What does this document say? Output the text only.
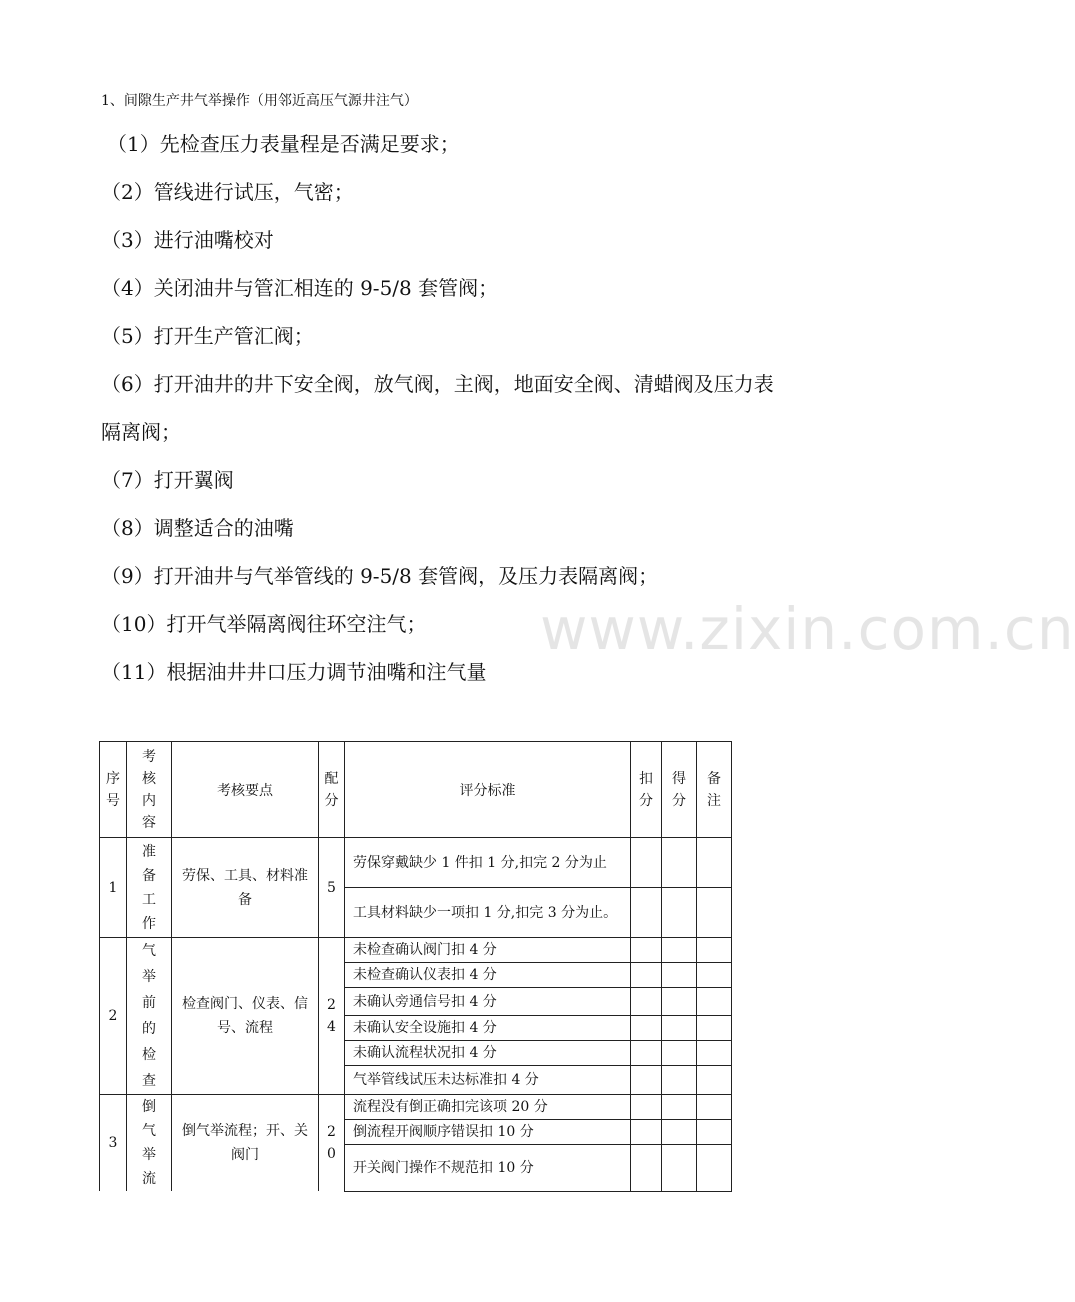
1、间隙生产井气举操作（用邻近高压气源井注气）

（1）先检查压力表量程是否满足要求；

（2）管线进行试压，气密；

（3）进行油嘴校对

（4）关闭油井与管汇相连的 9-5/8 套管阀；

（5）打开生产管汇阀；

（6）打开油井的井下安全阀，放气阀，主阀，地面安全阀、清蜡阀及压力表

隔离阀；

（7）打开翼阀

（8）调整适合的油嘴

（9）打开油井与气举管线的 9-5/8 套管阀，及压力表隔离阀；

（10）打开气举隔离阀往环空注气；

（11）根据油井井口压力调节油嘴和注气量

www.zixin.com.cn
序号	考核内容	考核要点	配分	评分标准	扣分	得分	备注

1	准备工作	劳保、工具、材料准备	5	劳保穿戴缺少 1 件扣 1 分,扣完 2 分为止			
				工具材料缺少一项扣 1 分,扣完 3 分为止。			
2	气举前的检查	检查阀门、仪表、信号、流程	24	未检查确认阀门扣 4 分			
				未检查确认仪表扣 4 分			
				未确认旁通信号扣 4 分			
				未确认安全设施扣 4 分			
				未确认流程状况扣 4 分			
				气举管线试压未达标准扣 4 分			
3	倒气举流	倒气举流程；开、关阀门	20	流程没有倒正确扣完该项 20 分			
				倒流程开阀顺序错误扣 10 分			
				开关阀门操作不规范扣 10 分			
